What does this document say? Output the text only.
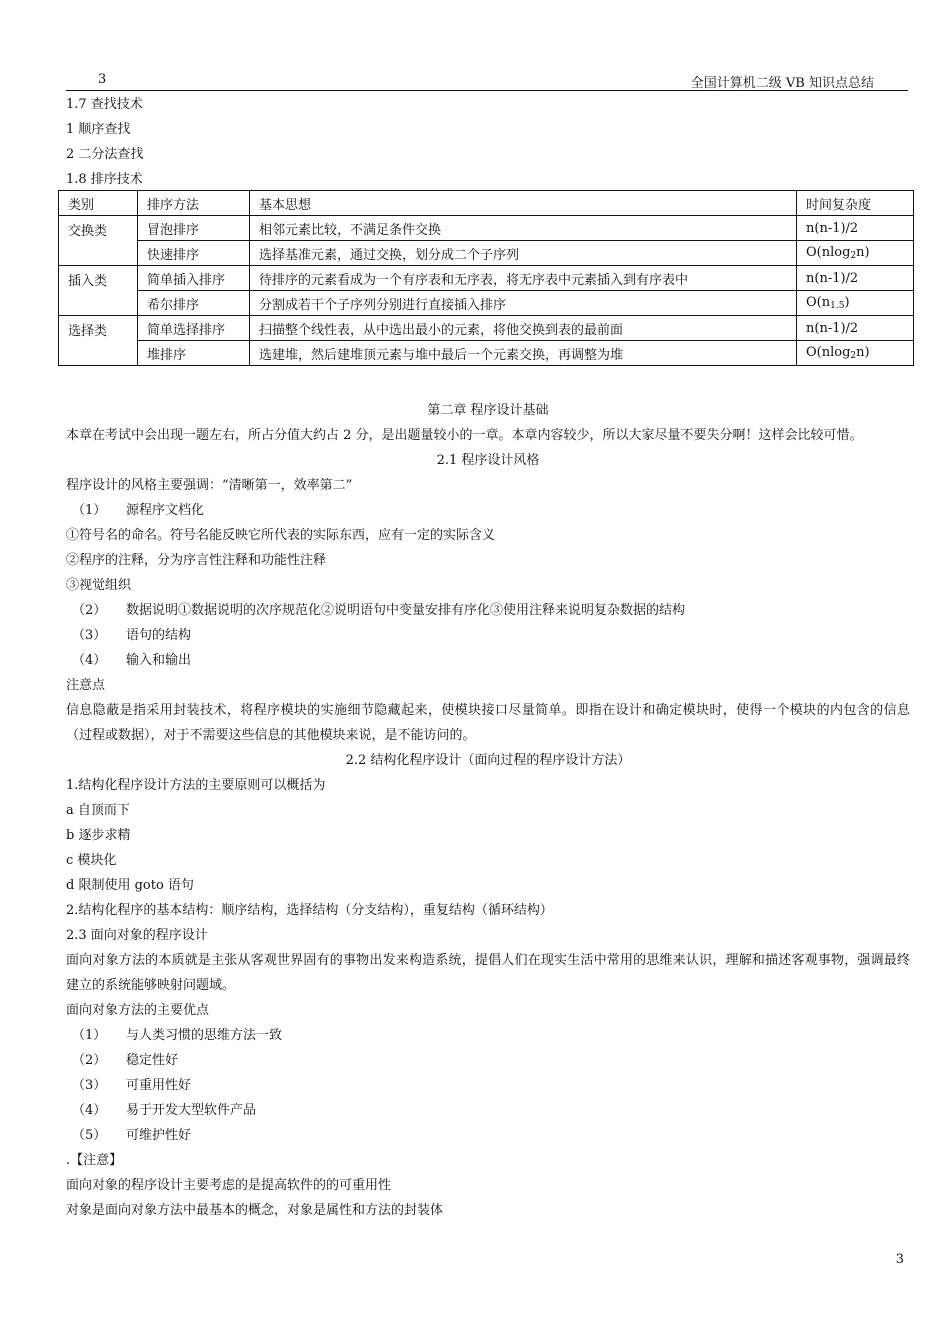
3	全国计算机二级 VB 知识点总结
1.7 查找技术
1 顺序查找
2 二分法查找
1.8 排序技术
类别	排序方法	基本思想	时间复杂度
交换类	冒泡排序	相邻元素比较，不满足条件交换	n(n-1)/2
	快速排序	选择基准元素，通过交换，划分成二个子序列	O(nlog$_2$n)
插入类	简单插入排序	待排序的元素看成为一个有序表和无序表，将无序表中元素插入到有序表中	n(n-1)/2
	希尔排序	分割成若干个子序列分别进行直接插入排序	$O(n_{1.5})$
选择类	简单选择排序	扫描整个线性表，从中选出最小的元素，将他交换到表的最前面	n(n-1)/2
	堆排序	选建堆，然后建堆顶元素与堆中最后一个元素交换，再调整为堆	O(nlog$_2$n)
第二章 程序设计基础
本章在考试中会出现一题左右，所占分值大约占 2 分，是出题量较小的一章。本章内容较少，所以大家尽量不要失分啊！这样会比较可惜。
2.1 程序设计风格
程序设计的风格主要强调：“清晰第一，效率第二”
（1）	源程序文档化
①符号名的命名。符号名能反映它所代表的实际东西，应有一定的实际含义
②程序的注释，分为序言性注释和功能性注释
③视觉组织
（2）	数据说明①数据说明的次序规范化②说明语句中变量安排有序化③使用注释来说明复杂数据的结构
（3）	语句的结构
（4）	输入和输出
注意点
信息隐蔽是指采用封装技术，将程序模块的实施细节隐藏起来，使模块接口尽量简单。即指在设计和确定模块时，使得一个模块的内包含的信息（过程或数据），对于不需要这些信息的其他模块来说，是不能访问的。
2.2 结构化程序设计（面向过程的程序设计方法）
1.结构化程序设计方法的主要原则可以概括为
a 自顶而下
b 逐步求精
c 模块化
d 限制使用 goto 语句
2.结构化程序的基本结构：顺序结构，选择结构（分支结构），重复结构（循环结构）
2.3 面向对象的程序设计
面向对象方法的本质就是主张从客观世界固有的事物出发来构造系统，提倡人们在现实生活中常用的思维来认识，理解和描述客观事物，强调最终建立的系统能够映射问题域。
面向对象方法的主要优点
（1）	与人类习惯的思维方法一致
（2）	稳定性好
（3）	可重用性好
（4）	易于开发大型软件产品
（5）	可维护性好
.【注意】
面向对象的程序设计主要考虑的是提高软件的的可重用性
对象是面向对象方法中最基本的概念，对象是属性和方法的封装体
3
